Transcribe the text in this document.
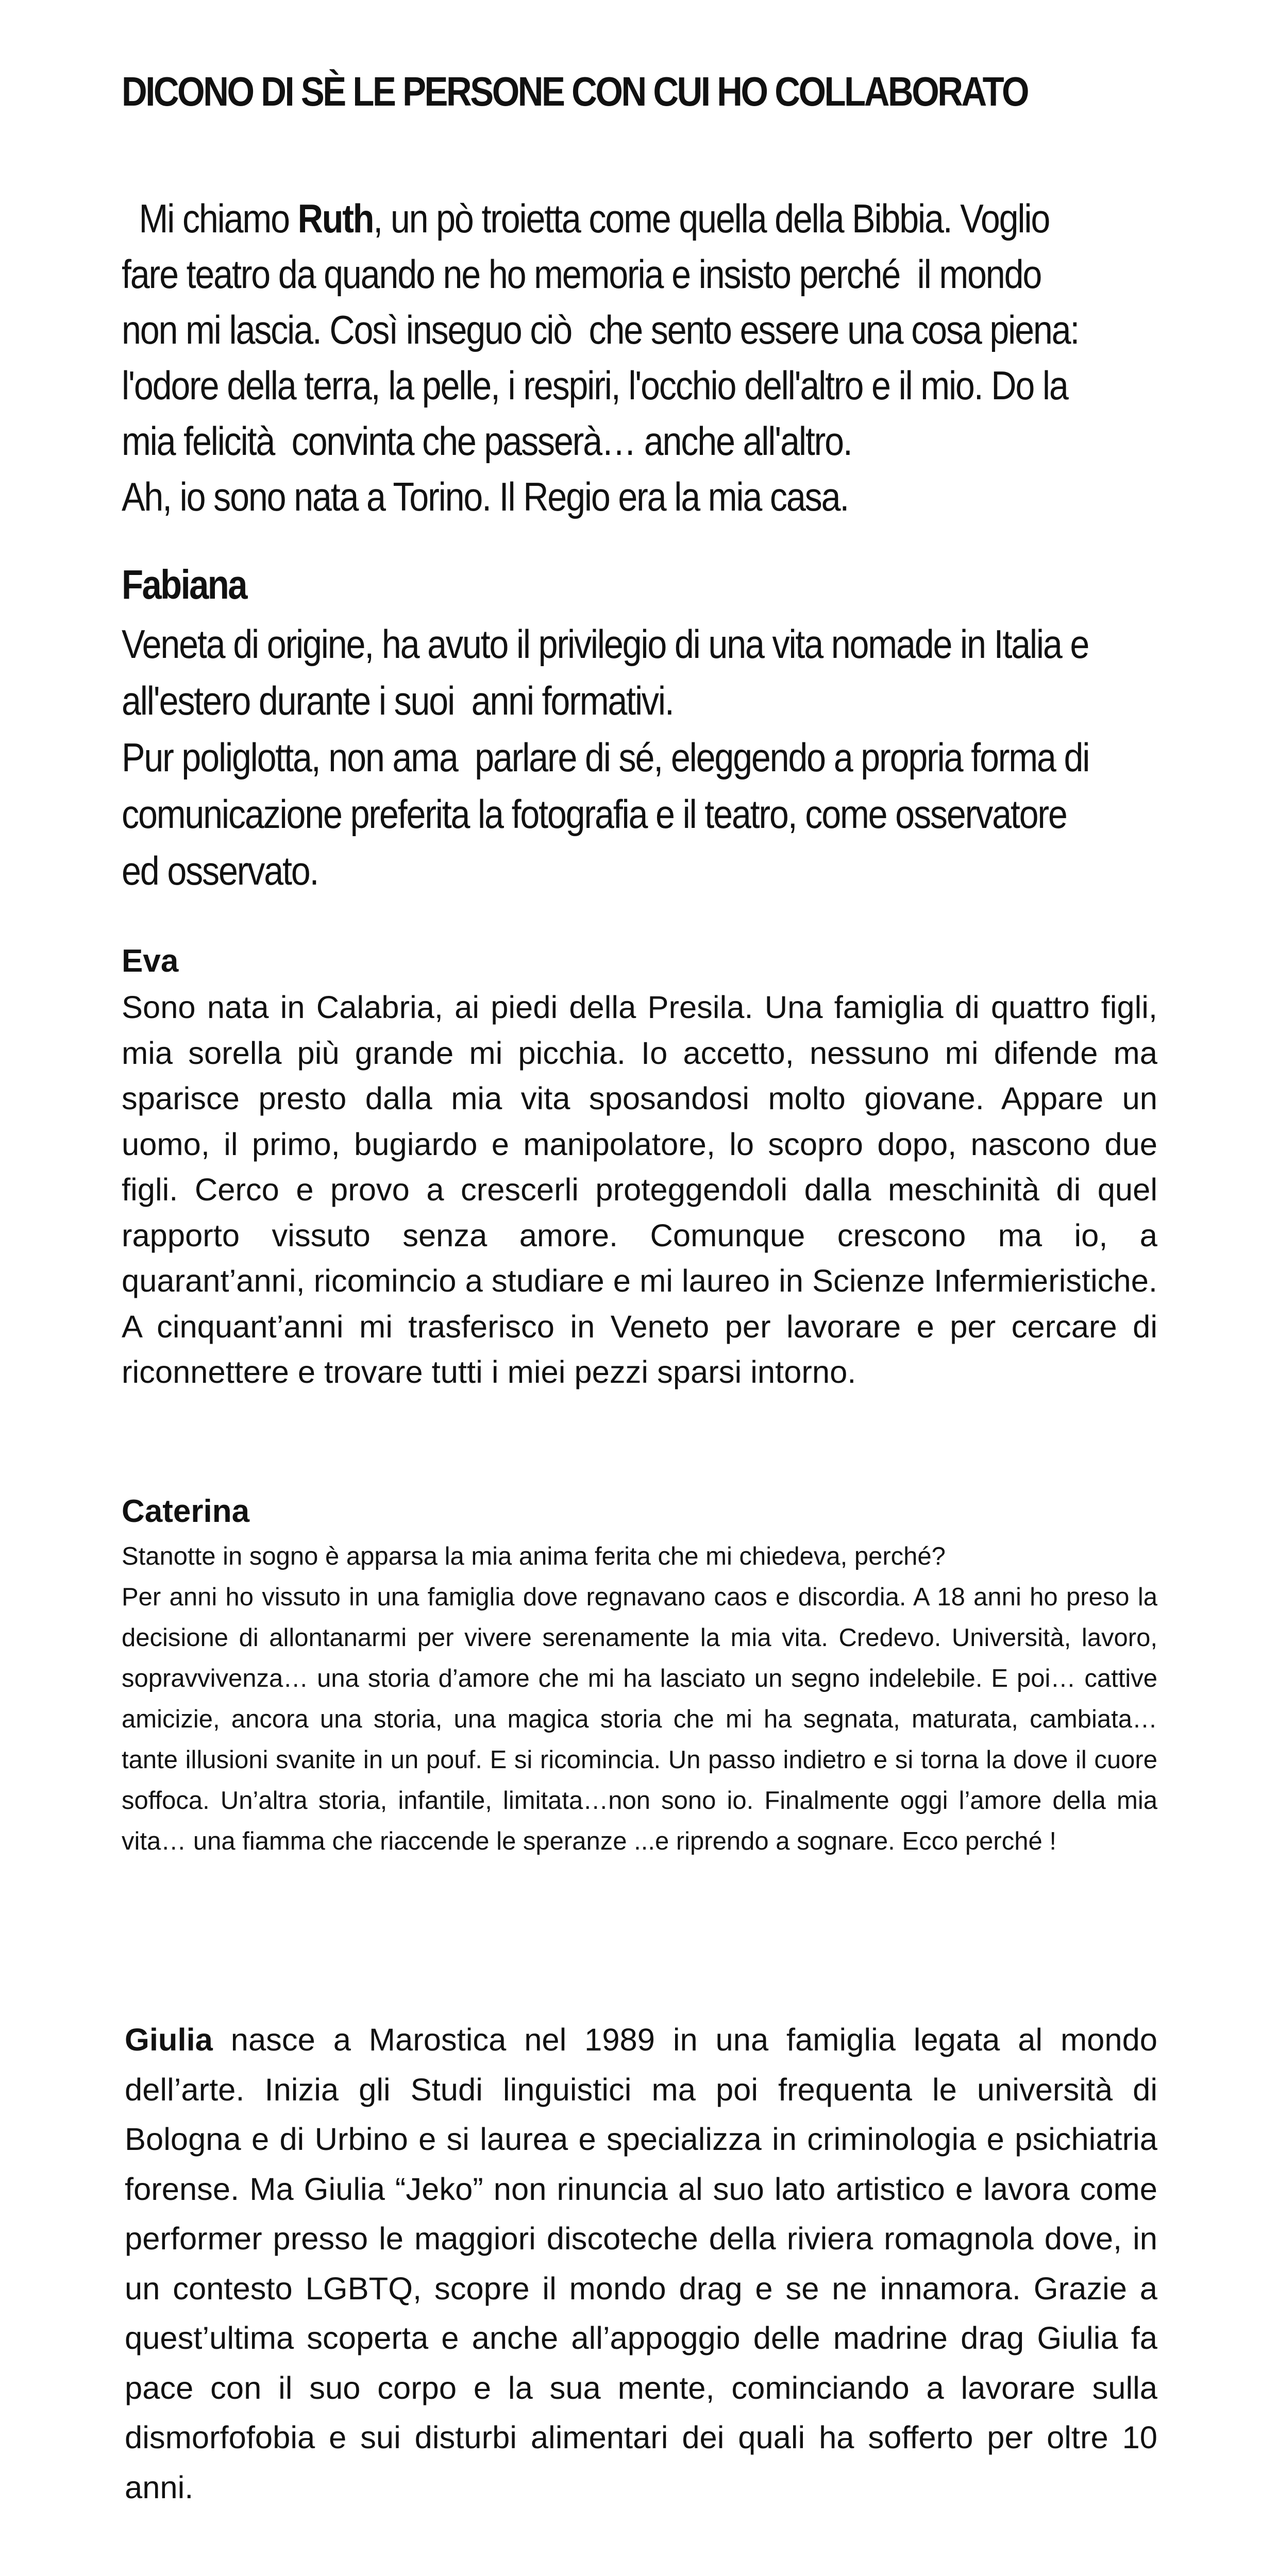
DICONO DI SÈ LE PERSONE CON CUI HO COLLABORATO
Mi chiamo Ruth, un pò troietta come quella della Bibbia. Voglio
fare teatro da quando ne ho memoria e insisto perché  il mondo
non mi lascia. Così inseguo ciò  che sento essere una cosa piena:
l'odore della terra, la pelle, i respiri, l'occhio dell'altro e il mio. Do la
mia felicità  convinta che passerà… anche all'altro.
Ah, io sono nata a Torino. Il Regio era la mia casa.
Fabiana
Veneta di origine, ha avuto il privilegio di una vita nomade in Italia e
all'estero durante i suoi  anni formativi.
Pur poliglotta, non ama  parlare di sé, eleggendo a propria forma di
comunicazione preferita la fotografia e il teatro, come osservatore
ed osservato.
Eva
Sono nata in Calabria, ai piedi della Presila. Una famiglia di quattro figli, mia sorella più grande mi picchia. Io accetto, nessuno mi difende ma sparisce presto dalla mia vita sposandosi molto giovane. Appare un uomo, il primo, bugiardo e manipolatore, lo scopro dopo, nascono due figli. Cerco e provo a crescerli proteggendoli dalla meschinità di quel rapporto vissuto senza amore. Comunque crescono ma io, a quarant’anni, ricomincio a studiare e mi laureo in Scienze Infermieristiche. A cinquant’anni mi trasferisco in Veneto per lavorare e per cercare di riconnettere e trovare tutti i miei pezzi sparsi intorno.
Caterina
Stanotte in sogno è apparsa la mia anima ferita che mi chiedeva, perché?
Per anni ho vissuto in una famiglia dove regnavano caos e discordia. A 18 anni ho preso la decisione di allontanarmi per vivere serenamente la mia vita. Credevo. Università, lavoro, sopravvivenza… una storia d’amore che mi ha lasciato un segno indelebile. E poi… cattive amicizie, ancora una storia, una magica storia che mi ha segnata, maturata, cambiata… tante illusioni svanite in un pouf. E si ricomincia. Un passo indietro e si torna la dove il cuore soffoca. Un’altra storia, infantile, limitata…non sono io. Finalmente oggi l’amore della mia vita… una fiamma che riaccende le speranze ...e riprendo a sognare. Ecco perché !
Giulia nasce a Marostica nel 1989 in una famiglia legata al mondo dell’arte. Inizia gli Studi linguistici ma poi frequenta le università di Bologna e di Urbino e si laurea e specializza in criminologia e psichiatria forense. Ma Giulia “Jeko” non rinuncia al suo lato artistico e lavora come performer presso le maggiori discoteche della riviera romagnola dove, in un contesto LGBTQ, scopre il mondo drag e se ne innamora. Grazie a quest’ultima scoperta e anche all’appoggio delle madrine drag Giulia fa pace con il suo corpo e la sua mente, cominciando a lavorare sulla dismorfofobia e sui disturbi alimentari dei quali ha sofferto per oltre 10 anni.
